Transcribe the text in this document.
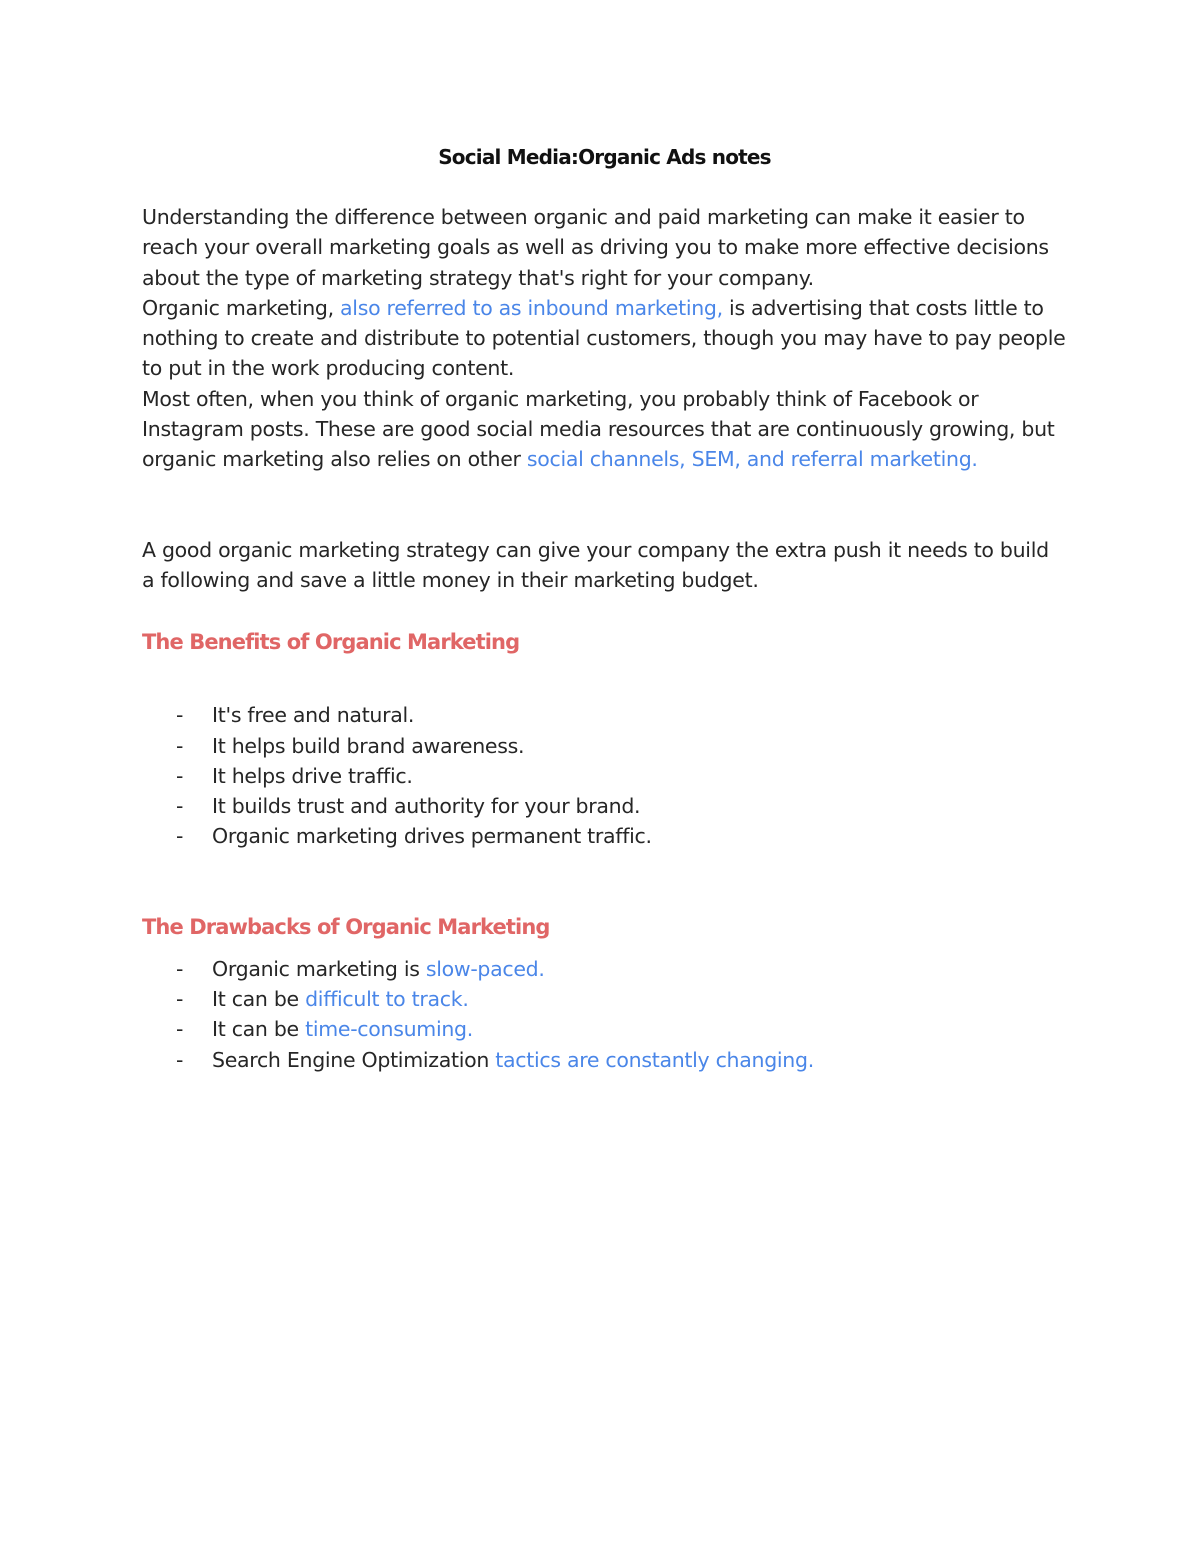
Social Media:Organic Ads notes

Understanding the difference between organic and paid marketing can make it easier to reach your overall marketing goals as well as driving you to make more effective decisions about the type of marketing strategy that's right for your company.

Organic marketing, also referred to as inbound marketing, is advertising that costs little to nothing to create and distribute to potential customers, though you may have to pay people to put in the work producing content.

Most often, when you think of organic marketing, you probably think of Facebook or Instagram posts. These are good social media resources that are continuously growing, but organic marketing also relies on other social channels, SEM, and referral marketing.

A good organic marketing strategy can give your company the extra push it needs to build a following and save a little money in their marketing budget.

The Benefits of Organic Marketing
- It's free and natural.
- It helps build brand awareness.
- It helps drive traffic.
- It builds trust and authority for your brand.
- Organic marketing drives permanent traffic.
The Drawbacks of Organic Marketing
- Organic marketing is slow-paced.
- It can be difficult to track.
- It can be time-consuming.
- Search Engine Optimization tactics are constantly changing.
